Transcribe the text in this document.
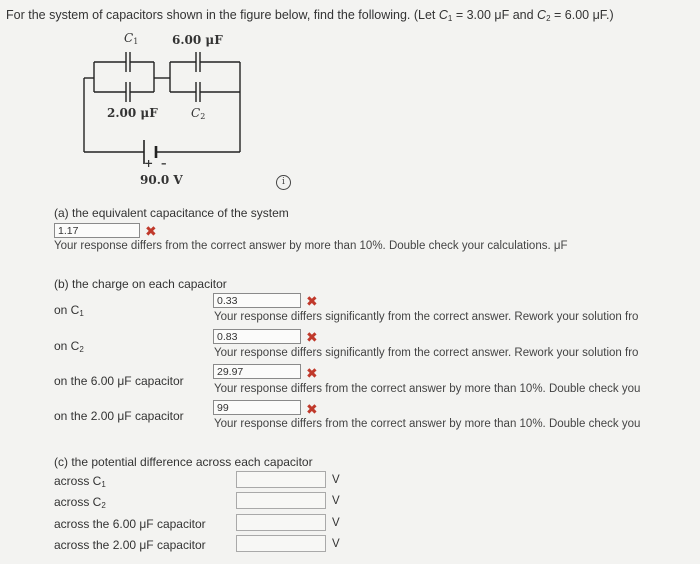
For the system of capacitors shown in the figure below, find the following. (Let $C_1 = 3.00$ μF and $C_2 = 6.00$ μF.)
$C_1$	6.00 μF
2.00 μF	$C_2$
+ –
90.0 V	i
(a) the equivalent capacitance of the system
1.17	✖
Your response differs from the correct answer by more than 10%. Double check your calculations. μF
(b) the charge on each capacitor
on $C_1$
0.33	✖
Your response differs significantly from the correct answer. Rework your solution fro
on $C_2$
0.83	✖
Your response differs significantly from the correct answer. Rework your solution fro
on the 6.00 μF capacitor
29.97	✖
Your response differs from the correct answer by more than 10%. Double check you
on the 2.00 μF capacitor
99	✖
Your response differs from the correct answer by more than 10%. Double check you
(c) the potential difference across each capacitor
across $C_1$	V
across $C_2$	V
across the 6.00 μF capacitor	V
across the 2.00 μF capacitor	V
